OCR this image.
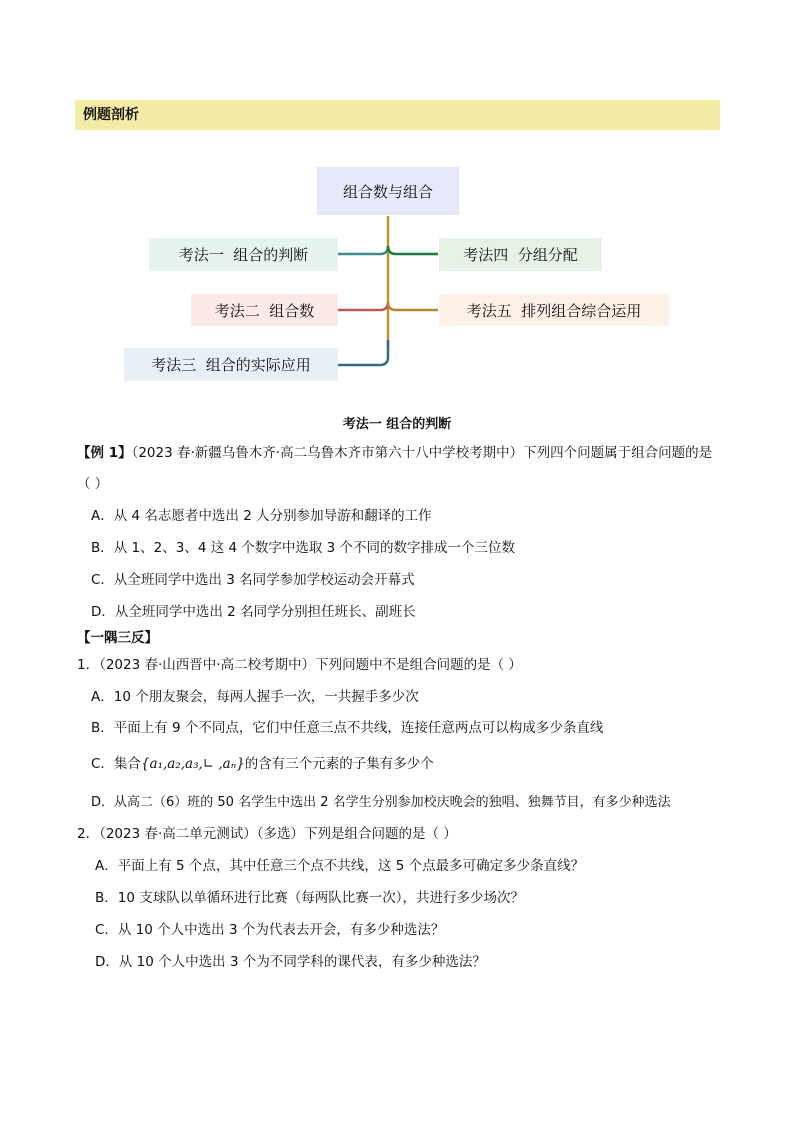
例题剖析
组合数与组合
考法一  组合的判断
考法二  组合数
考法三  组合的实际应用
考法四  分组分配
考法五  排列组合综合运用
考法一 组合的判断
【例 1】（2023 春·新疆乌鲁木齐·高二乌鲁木齐市第六十八中学校考期中）下列四个问题属于组合问题的是
（ ）
A．从 4 名志愿者中选出 2 人分别参加导游和翻译的工作
B．从 1、2、3、4 这 4 个数字中选取 3 个不同的数字排成一个三位数
C．从全班同学中选出 3 名同学参加学校运动会开幕式
D．从全班同学中选出 2 名同学分别担任班长、副班长
【一隅三反】
1．（2023 春·山西晋中·高二校考期中）下列问题中不是组合问题的是（ ）
A．10 个朋友聚会，每两人握手一次，一共握手多少次
B．平面上有 9 个不同点，它们中任意三点不共线，连接任意两点可以构成多少条直线
C．集合{a₁,a₂,a₃,∟ ,aₙ}的含有三个元素的子集有多少个
D．从高二（6）班的 50 名学生中选出 2 名学生分别参加校庆晚会的独唱、独舞节目，有多少种选法
2．（2023 春·高二单元测试）（多选）下列是组合问题的是（ ）
A．平面上有 5 个点，其中任意三个点不共线，这 5 个点最多可确定多少条直线？
B．10 支球队以单循环进行比赛（每两队比赛一次），共进行多少场次？
C．从 10 个人中选出 3 个为代表去开会，有多少种选法？
D．从 10 个人中选出 3 个为不同学科的课代表，有多少种选法？
